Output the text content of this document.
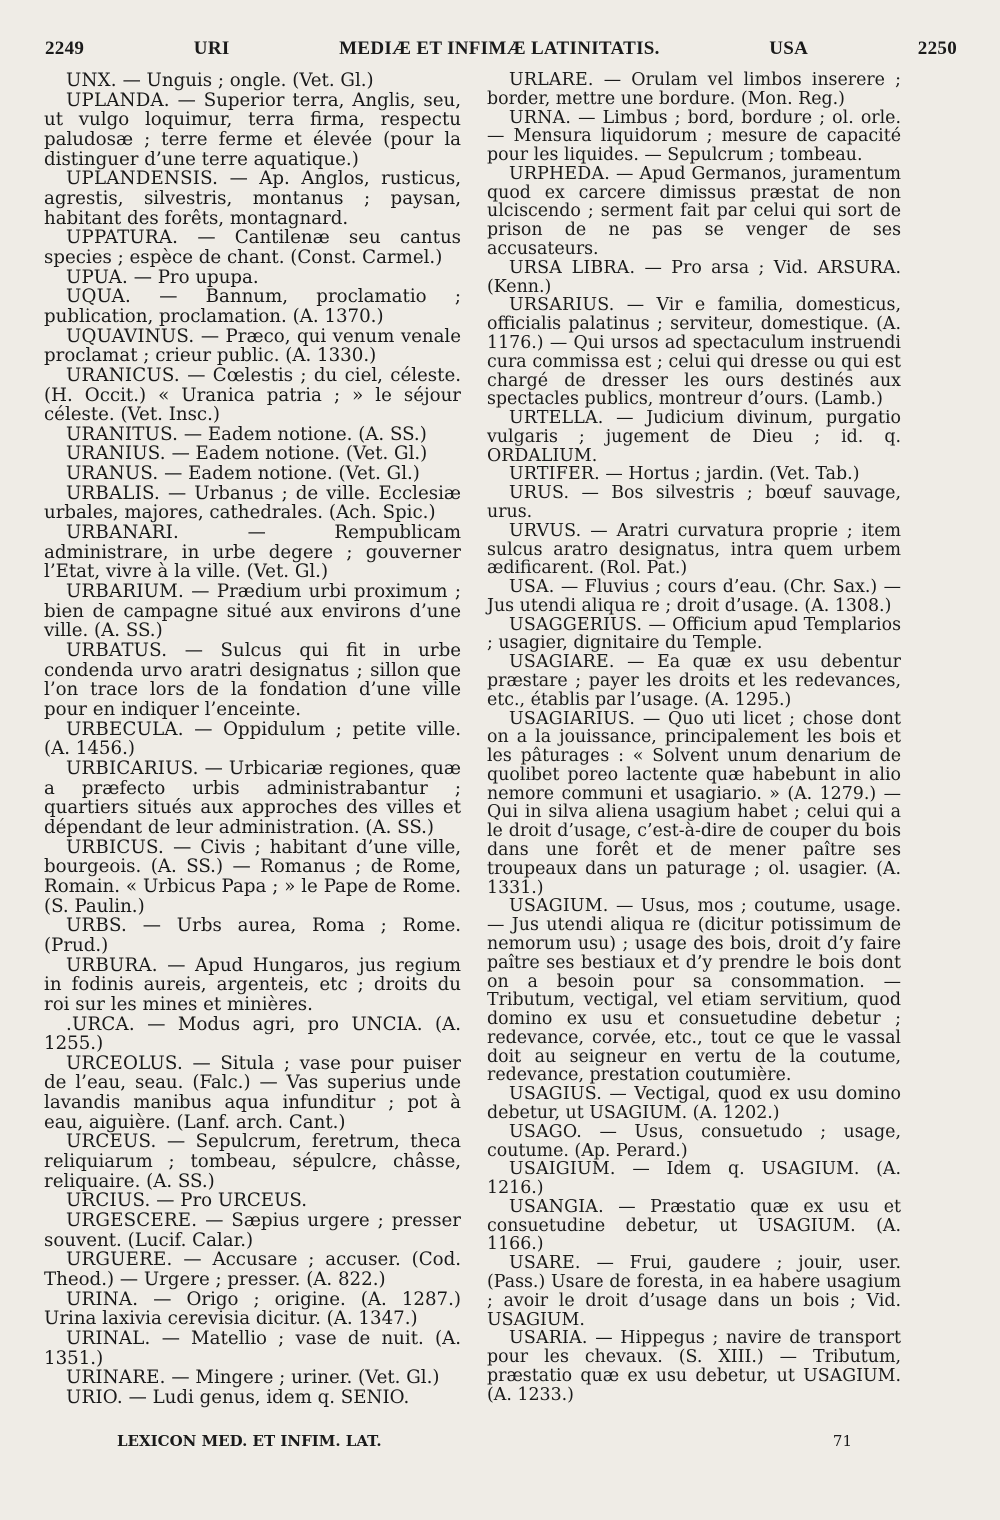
2249	URI	MEDIÆ ET INFIMÆ LATINITATIS.	USA	2250

UNX. — Unguis ; ongle. (Vet. Gl.)

UPLANDA. — Superior terra, Anglis, seu, ut vulgo loquimur, terra firma, respectu paludosæ ; terre ferme et élevée (pour la distinguer d’une terre aquatique.)

UPLANDENSIS. — Ap. Anglos, rusticus, agrestis, silvestris, montanus ; paysan, habitant des forêts, montagnard.

UPPATURA. — Cantilenæ seu cantus species ; espèce de chant. (Const. Carmel.)

UPUA. — Pro upupa.

UQUA. — Bannum, proclamatio ; publication, proclamation. (A. 1370.)

UQUAVINUS. — Præco, qui venum venale proclamat ; crieur public. (A. 1330.)

URANICUS. — Cœlestis ; du ciel, céleste. (H. Occit.) « Uranica patria ; » le séjour céleste. (Vet. Insc.)

URANITUS. — Eadem notione. (A. SS.)

URANIUS. — Eadem notione. (Vet. Gl.)

URANUS. — Eadem notione. (Vet. Gl.)

URBALIS. — Urbanus ; de ville. Ecclesiæ urbales, majores, cathedrales. (Ach. Spic.)

URBANARI. — Rempublicam administrare, in urbe degere ; gouverner l’Etat, vivre à la ville. (Vet. Gl.)

URBARIUM. — Prædium urbi proximum ; bien de campagne situé aux environs d’une ville. (A. SS.)

URBATUS. — Sulcus qui fit in urbe condenda urvo aratri designatus ; sillon que l’on trace lors de la fondation d’une ville pour en indiquer l’enceinte.

URBECULA. — Oppidulum ; petite ville. (A. 1456.)

URBICARIUS. — Urbicariæ regiones, quæ a præfecto urbis administrabantur ; quartiers situés aux approches des villes et dépendant de leur administration. (A. SS.)

URBICUS. — Civis ; habitant d’une ville, bourgeois. (A. SS.) — Romanus ; de Rome, Romain. « Urbicus Papa ; » le Pape de Rome. (S. Paulin.)

URBS. — Urbs aurea, Roma ; Rome. (Prud.)

URBURA. — Apud Hungaros, jus regium in fodinis aureis, argenteis, etc ; droits du roi sur les mines et minières.

.URCA. — Modus agri, pro UNCIA. (A. 1255.)

URCEOLUS. — Situla ; vase pour puiser de l’eau, seau. (Falc.) — Vas superius unde lavandis manibus aqua infunditur ; pot à eau, aiguière. (Lanf. arch. Cant.)

URCEUS. — Sepulcrum, feretrum, theca reliquiarum ; tombeau, sépulcre, châsse, reliquaire. (A. SS.)

URCIUS. — Pro URCEUS.

URGESCERE. — Sæpius urgere ; presser souvent. (Lucif. Calar.)

URGUERE. — Accusare ; accuser. (Cod. Theod.) — Urgere ; presser. (A. 822.)

URINA. — Origo ; origine. (A. 1287.) Urina laxivia cerevisia dicitur. (A. 1347.)

URINAL. — Matellio ; vase de nuit. (A. 1351.)

URINARE. — Mingere ; uriner. (Vet. Gl.)

URIO. — Ludi genus, idem q. SENIO.

URLARE. — Orulam vel limbos inserere ; border, mettre une bordure. (Mon. Reg.)

URNA. — Limbus ; bord, bordure ; ol. orle. — Mensura liquidorum ; mesure de capacité pour les liquides. — Sepulcrum ; tombeau.

URPHEDA. — Apud Germanos, juramentum quod ex carcere dimissus præstat de non ulciscendo ; serment fait par celui qui sort de prison de ne pas se venger de ses accusateurs.

URSA LIBRA. — Pro arsa ; Vid. ARSURA. (Kenn.)

URSARIUS. — Vir e familia, domesticus, officialis palatinus ; serviteur, domestique. (A. 1176.) — Qui ursos ad spectaculum instruendi cura commissa est ; celui qui dresse ou qui est chargé de dresser les ours destinés aux spectacles publics, montreur d’ours. (Lamb.)

URTELLA. — Judicium divinum, purgatio vulgaris ; jugement de Dieu ; id. q. ORDALIUM.

URTIFER. — Hortus ; jardin. (Vet. Tab.)

URUS. — Bos silvestris ; bœuf sauvage, urus.

URVUS. — Aratri curvatura proprie ; item sulcus aratro designatus, intra quem urbem ædificarent. (Rol. Pat.)

USA. — Fluvius ; cours d’eau. (Chr. Sax.) — Jus utendi aliqua re ; droit d’usage. (A. 1308.)

USAGGERIUS. — Officium apud Templarios ; usagier, dignitaire du Temple.

USAGIARE. — Ea quæ ex usu debentur præstare ; payer les droits et les redevances, etc., établis par l’usage. (A. 1295.)

USAGIARIUS. — Quo uti licet ; chose dont on a la jouissance, principalement les bois et les pâturages : « Solvent unum denarium de quolibet poreo lactente quæ habebunt in alio nemore communi et usagiario. » (A. 1279.) — Qui in silva aliena usagium habet ; celui qui a le droit d’usage, c’est-à-dire de couper du bois dans une forêt et de mener paître ses troupeaux dans un paturage ; ol. usagier. (A. 1331.)

USAGIUM. — Usus, mos ; coutume, usage. — Jus utendi aliqua re (dicitur potissimum de nemorum usu) ; usage des bois, droit d’y faire paître ses bestiaux et d’y prendre le bois dont on a besoin pour sa consommation. — Tributum, vectigal, vel etiam servitium, quod domino ex usu et consuetudine debetur ; redevance, corvée, etc., tout ce que le vassal doit au seigneur en vertu de la coutume, redevance, prestation coutumière.

USAGIUS. — Vectigal, quod ex usu domino debetur, ut USAGIUM. (A. 1202.)

USAGO. — Usus, consuetudo ; usage, coutume. (Ap. Perard.)

USAIGIUM. — Idem q. USAGIUM. (A. 1216.)

USANGIA. — Præstatio quæ ex usu et consuetudine debetur, ut USAGIUM. (A. 1166.)

USARE. — Frui, gaudere ; jouir, user. (Pass.) Usare de foresta, in ea habere usagium ; avoir le droit d’usage dans un bois ; Vid. USAGIUM.

USARIA. — Hippegus ; navire de transport pour les chevaux. (S. XIII.) — Tributum, præstatio quæ ex usu debetur, ut USAGIUM. (A. 1233.)

LEXICON MED. ET INFIM. LAT.	71
